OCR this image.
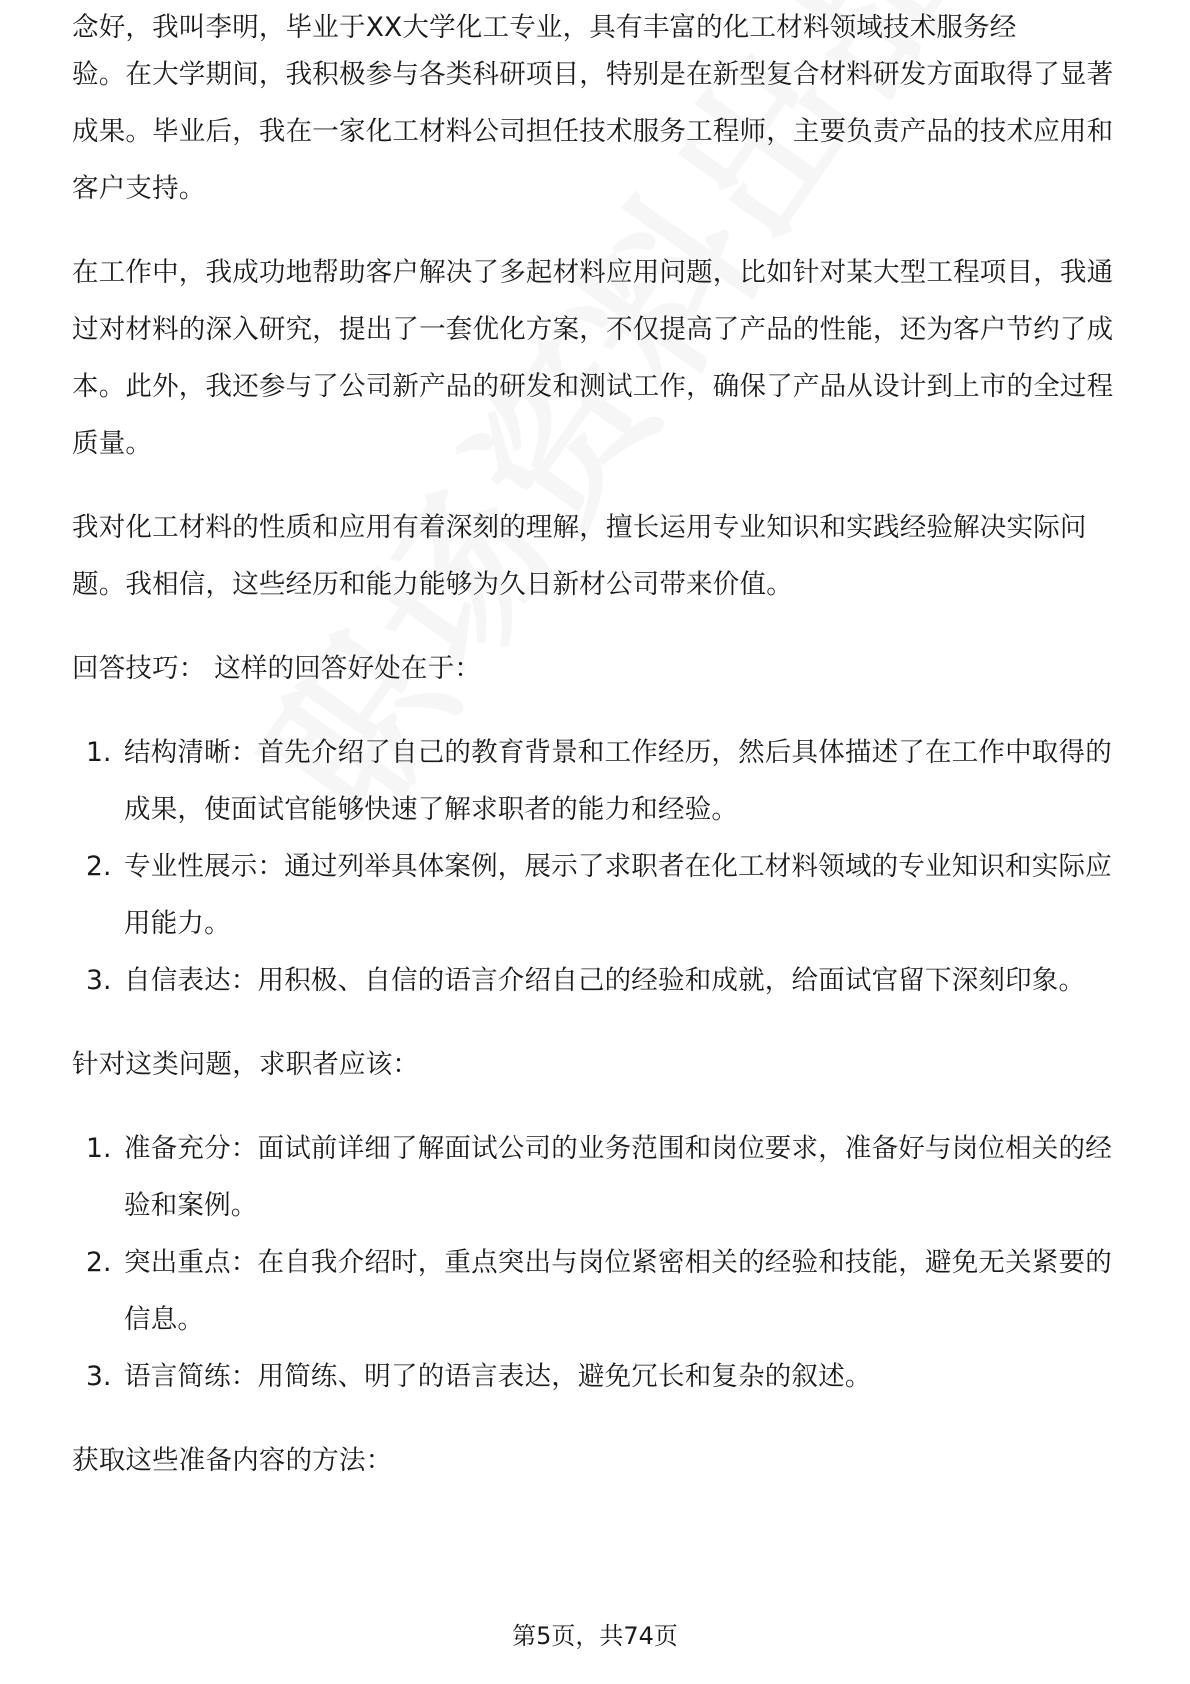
念好，我叫李明，毕业于XX大学化工专业，具有丰富的化工材料领域技术服务经

验。在大学期间，我积极参与各类科研项目，特别是在新型复合材料研发方面取得了显著成果。毕业后，我在一家化工材料公司担任技术服务工程师，主要负责产品的技术应用和客户支持。

在工作中，我成功地帮助客户解决了多起材料应用问题，比如针对某大型工程项目，我通过对材料的深入研究，提出了一套优化方案，不仅提高了产品的性能，还为客户节约了成本。此外，我还参与了公司新产品的研发和测试工作，确保了产品从设计到上市的全过程质量。

我对化工材料的性质和应用有着深刻的理解，擅长运用专业知识和实践经验解决实际问题。我相信，这些经历和能力能够为久日新材公司带来价值。

回答技巧： 这样的回答好处在于：

1. 结构清晰：首先介绍了自己的教育背景和工作经历，然后具体描述了在工作中取得的成果，使面试官能够快速了解求职者的能力和经验。
2. 专业性展示：通过列举具体案例，展示了求职者在化工材料领域的专业知识和实际应用能力。
3. 自信表达：用积极、自信的语言介绍自己的经验和成就，给面试官留下深刻印象。

针对这类问题，求职者应该：

1. 准备充分：面试前详细了解面试公司的业务范围和岗位要求，准备好与岗位相关的经验和案例。
2. 突出重点：在自我介绍时，重点突出与岗位紧密相关的经验和技能，避免无关紧要的信息。
3. 语言简练：用简练、明了的语言表达，避免冗长和复杂的叙述。

获取这些准备内容的方法：

第5页，共74页
